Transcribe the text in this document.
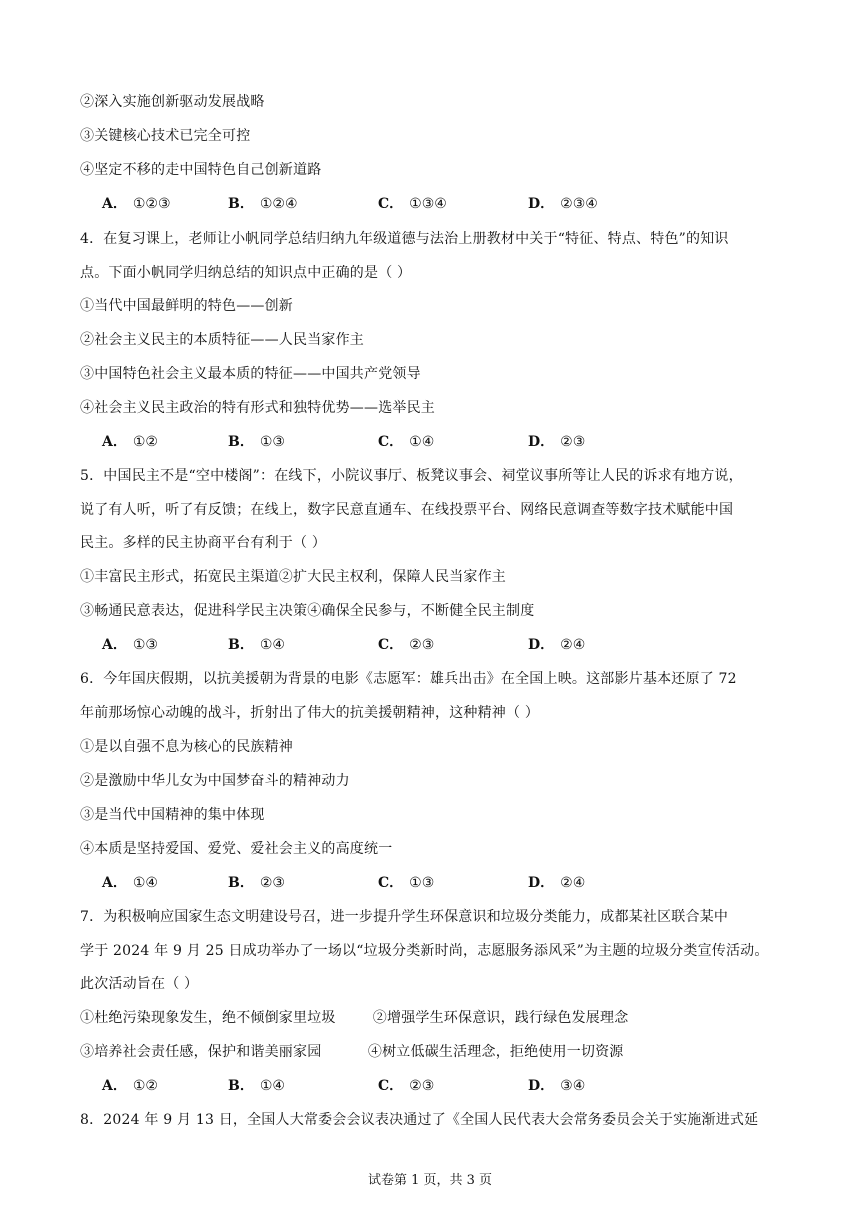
②深入实施创新驱动发展战略
③关键核心技术已完全可控
④坚定不移的走中国特色自己创新道路
A． ①②③	B． ①②④	C． ①③④	D． ②③④
4．在复习课上，老师让小帆同学总结归纳九年级道德与法治上册教材中关于“特征、特点、特色”的知识
点。下面小帆同学归纳总结的知识点中正确的是（ ）
①当代中国最鲜明的特色——创新
②社会主义民主的本质特征——人民当家作主
③中国特色社会主义最本质的特征——中国共产党领导
④社会主义民主政治的特有形式和独特优势——选举民主
A． ①②	B． ①③	C． ①④	D． ②③
5．中国民主不是“空中楼阁”：在线下，小院议事厅、板凳议事会、祠堂议事所等让人民的诉求有地方说，
说了有人听，听了有反馈；在线上，数字民意直通车、在线投票平台、网络民意调查等数字技术赋能中国
民主。多样的民主协商平台有利于（ ）
①丰富民主形式，拓宽民主渠道②扩大民主权利，保障人民当家作主
③畅通民意表达，促进科学民主决策④确保全民参与，不断健全民主制度
A． ①③	B． ①④	C． ②③	D． ②④
6．今年国庆假期，以抗美援朝为背景的电影《志愿军：雄兵出击》在全国上映。这部影片基本还原了 72
年前那场惊心动魄的战斗，折射出了伟大的抗美援朝精神，这种精神（ ）
①是以自强不息为核心的民族精神
②是激励中华儿女为中国梦奋斗的精神动力
③是当代中国精神的集中体现
④本质是坚持爱国、爱党、爱社会主义的高度统一
A． ①④	B． ②③	C． ①③	D． ②④
7．为积极响应国家生态文明建设号召，进一步提升学生环保意识和垃圾分类能力，成都某社区联合某中
学于 2024 年 9 月 25 日成功举办了一场以“垃圾分类新时尚，志愿服务添风采”为主题的垃圾分类宣传活动。
此次活动旨在（ ）
①杜绝污染现象发生，绝不倾倒家里垃圾        ②增强学生环保意识，践行绿色发展理念
③培养社会责任感，保护和谐美丽家园          ④树立低碳生活理念，拒绝使用一切资源
A． ①②	B． ①④	C． ②③	D． ③④
8．2024 年 9 月 13 日，全国人大常委会会议表决通过了《全国人民代表大会常务委员会关于实施渐进式延
试卷第 1 页，共 3 页
